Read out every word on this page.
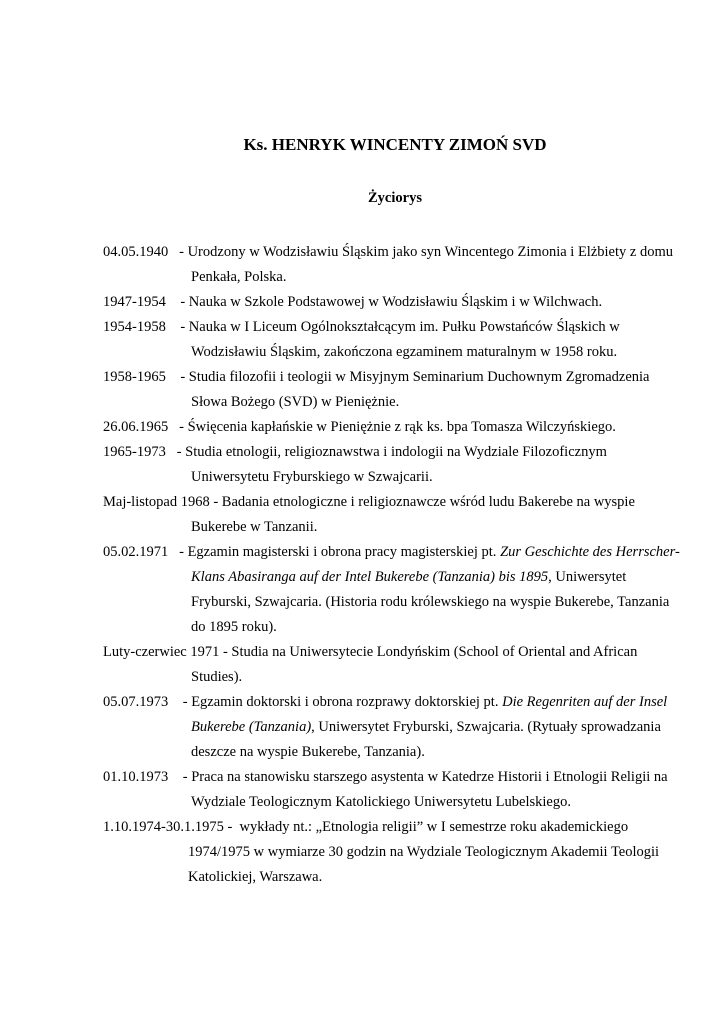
Ks. HENRYK WINCENTY ZIMOŃ SVD
Życiorys
04.05.1940   - Urodzony w Wodzisławiu Śląskim jako syn Wincentego Zimonia i Elżbiety z domu
Penkała, Polska.
1947-1954    - Nauka w Szkole Podstawowej w Wodzisławiu Śląskim i w Wilchwach.
1954-1958    - Nauka w I Liceum Ogólnokształcącym im. Pułku Powstańców Śląskich w
Wodzisławiu Śląskim, zakończona egzaminem maturalnym w 1958 roku.
1958-1965    - Studia filozofii i teologii w Misyjnym Seminarium Duchownym Zgromadzenia
Słowa Bożego (SVD) w Pieniężnie.
26.06.1965   - Święcenia kapłańskie w Pieniężnie z rąk ks. bpa Tomasza Wilczyńskiego.
1965-1973   - Studia etnologii, religioznawstwa i indologii na Wydziale Filozoficznym
Uniwersytetu Fryburskiego w Szwajcarii.
Maj-listopad 1968 - Badania etnologiczne i religioznawcze wśród ludu Bakerebe na wyspie
Bukerebe w Tanzanii.
05.02.1971   - Egzamin magisterski i obrona pracy magisterskiej pt. Zur Geschichte des Herrscher-
Klans Abasiranga auf der Intel Bukerebe (Tanzania) bis 1895, Uniwersytet
Fryburski, Szwajcaria. (Historia rodu królewskiego na wyspie Bukerebe, Tanzania
do 1895 roku).
Luty-czerwiec 1971 - Studia na Uniwersytecie Londyńskim (School of Oriental and African
Studies).
05.07.1973    - Egzamin doktorski i obrona rozprawy doktorskiej pt. Die Regenriten auf der Insel
Bukerebe (Tanzania), Uniwersytet Fryburski, Szwajcaria. (Rytuały sprowadzania
deszcze na wyspie Bukerebe, Tanzania).
01.10.1973    - Praca na stanowisku starszego asystenta w Katedrze Historii i Etnologii Religii na
Wydziale Teologicznym Katolickiego Uniwersytetu Lubelskiego.
1.10.1974-30.1.1975 -  wykłady nt.: „Etnologia religii” w I semestrze roku akademickiego
1974/1975 w wymiarze 30 godzin na Wydziale Teologicznym Akademii Teologii
Katolickiej, Warszawa.
